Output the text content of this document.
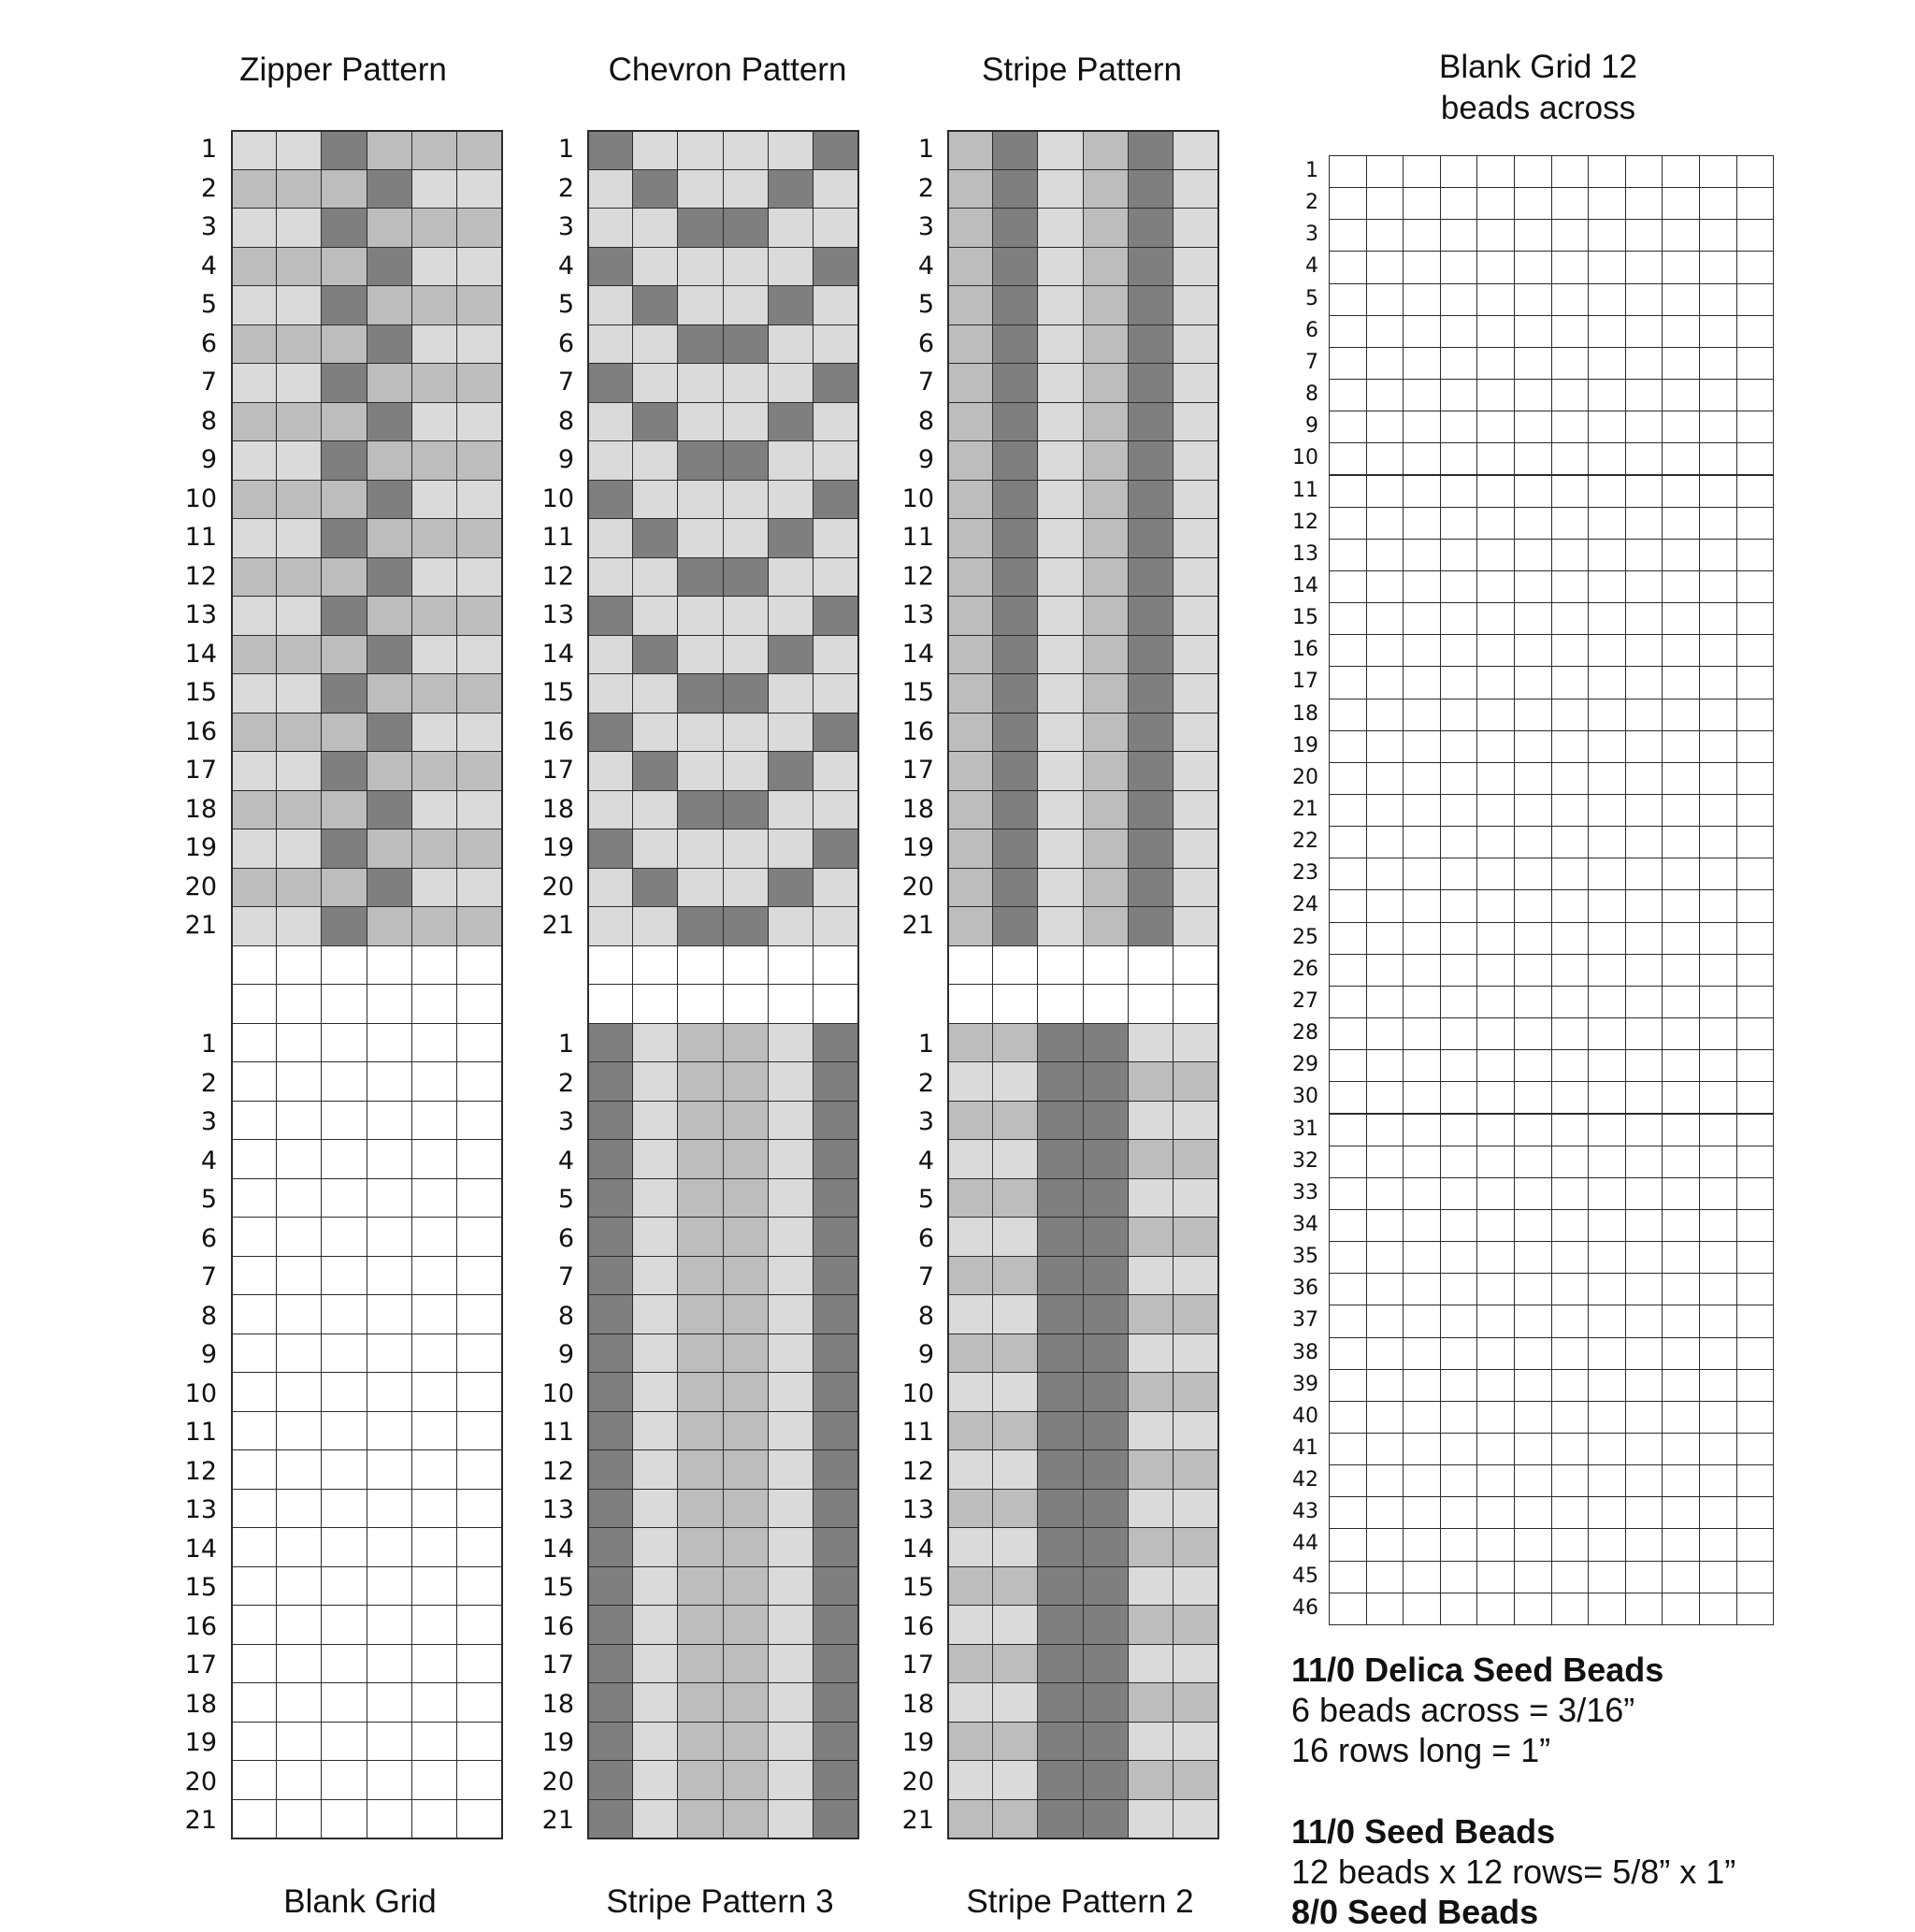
Zipper Pattern	Chevron Pattern	Stripe Pattern	Blank Grid 12
beads across
1
2
3
4
5
6
7
8
9
10
11
12
13
14
15
16
17
18
19
20
21
1
2
3
4
5
6
7
8
9
10
11
12
13
14
15
16
17
18
19
20
21
1
2
3
4
5
6
7
8
9
10
11
12
13
14
15
16
17
18
19
20
21
1
2
3
4
5
6
7
8
9
10
11
12
13
14
15
16
17
18
19
20
21
1
2
3
4
5
6
7
8
9
10
11
12
13
14
15
16
17
18
19
20
21
1
2
3
4
5
6
7
8
9
10
11
12
13
14
15
16
17
18
19
20
21
1
2
3
4
5
6
7
8
9
10
11
12
13
14
15
16
17
18
19
20
21
22
23
24
25
26
27
28
29
30
31
32
33
34
35
36
37
38
39
40
41
42
43
44
45
46
11/0 Delica Seed Beads
6 beads across = 3/16”
16 rows long = 1”
11/0 Seed Beads
12 beads x 12 rows= 5/8” x 1”
8/0 Seed Beads
Blank Grid	Stripe Pattern 3	Stripe Pattern 2
